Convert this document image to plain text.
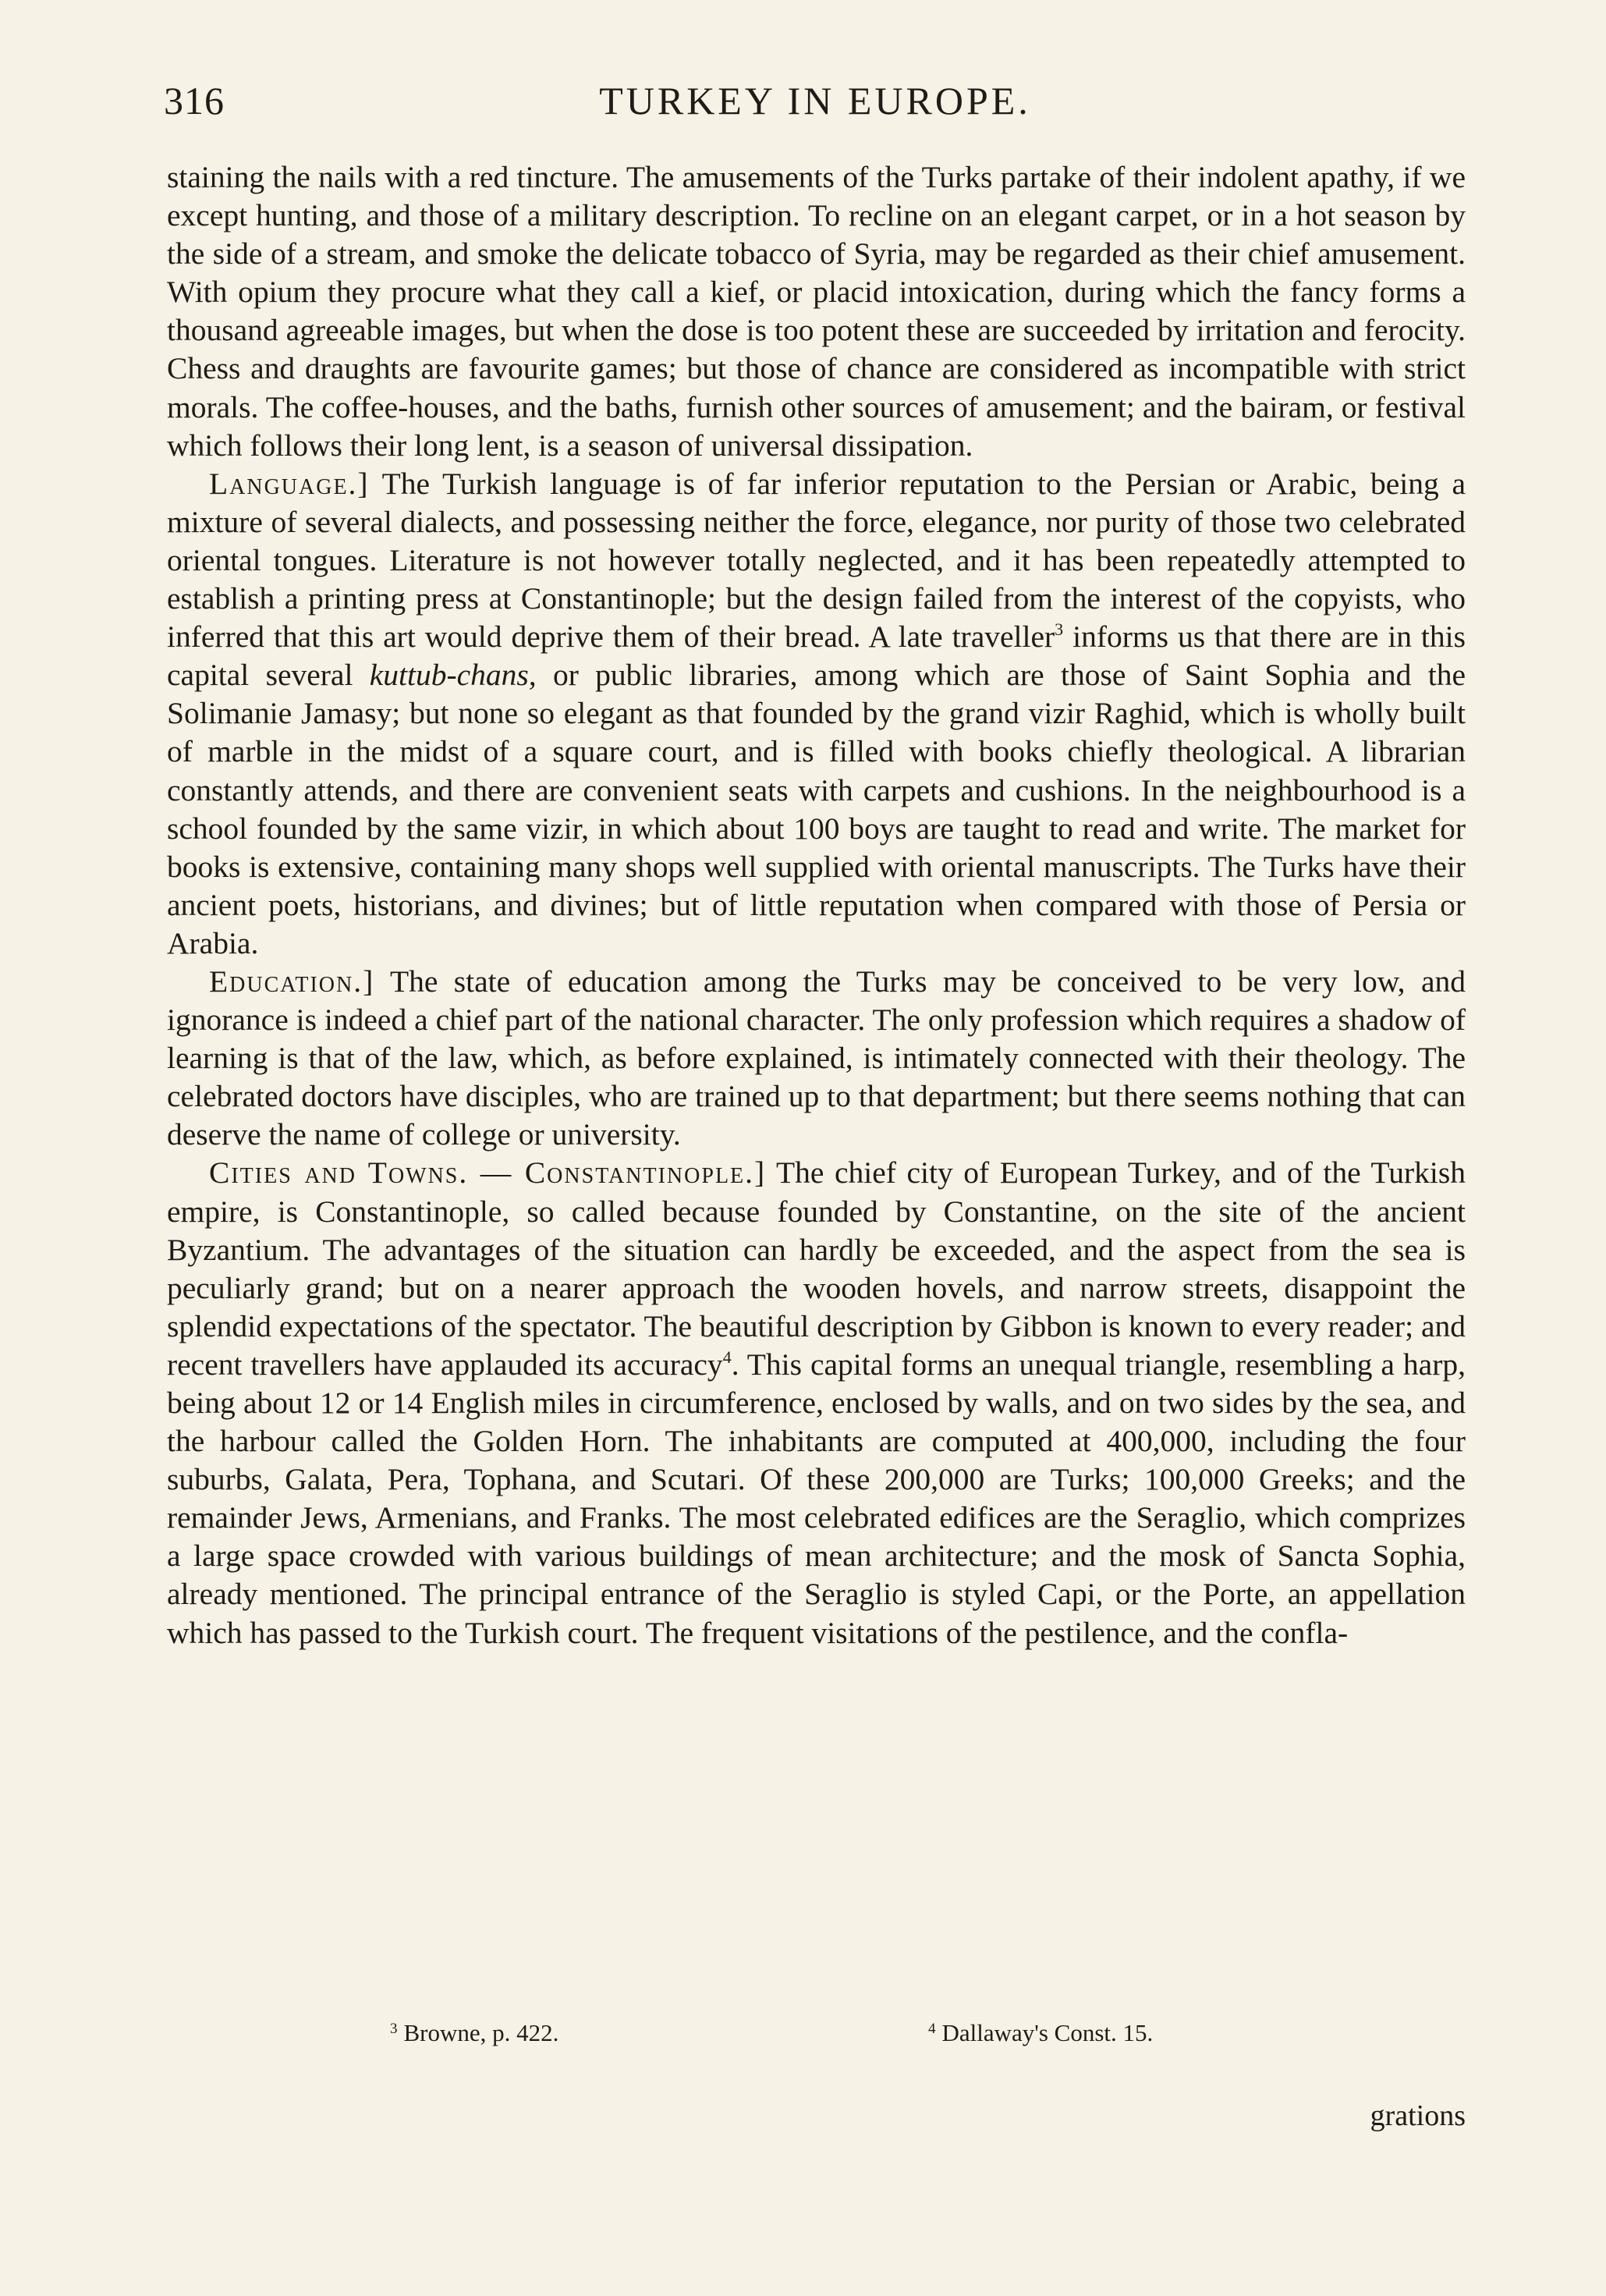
316	TURKEY IN EUROPE.

staining the nails with a red tincture. The amusements of the Turks partake of their indolent apathy, if we except hunting, and those of a military description. To recline on an elegant carpet, or in a hot season by the side of a stream, and smoke the delicate tobacco of Syria, may be regarded as their chief amusement. With opium they procure what they call a kief, or placid intoxication, during which the fancy forms a thousand agreeable images, but when the dose is too potent these are succeeded by irritation and ferocity. Chess and draughts are favourite games; but those of chance are considered as incompatible with strict morals. The coffee-houses, and the baths, furnish other sources of amusement; and the bairam, or festival which follows their long lent, is a season of universal dissipation.

Language.] The Turkish language is of far inferior reputation to the Persian or Arabic, being a mixture of several dialects, and possessing neither the force, elegance, nor purity of those two celebrated oriental tongues. Literature is not however totally neglected, and it has been repeatedly attempted to establish a printing press at Constantinople; but the design failed from the interest of the copyists, who inferred that this art would deprive them of their bread. A late traveller$^3$ informs us that there are in this capital several kuttub-chans, or public libraries, among which are those of Saint Sophia and the Solimanie Jamasy; but none so elegant as that founded by the grand vizir Raghid, which is wholly built of marble in the midst of a square court, and is filled with books chiefly theological. A librarian constantly attends, and there are convenient seats with carpets and cushions. In the neighbourhood is a school founded by the same vizir, in which about 100 boys are taught to read and write. The market for books is extensive, containing many shops well supplied with oriental manuscripts. The Turks have their ancient poets, historians, and divines; but of little reputation when compared with those of Persia or Arabia.

Education.] The state of education among the Turks may be conceived to be very low, and ignorance is indeed a chief part of the national character. The only profession which requires a shadow of learning is that of the law, which, as before explained, is intimately connected with their theology. The celebrated doctors have disciples, who are trained up to that department; but there seems nothing that can deserve the name of college or university.

Cities and Towns. — Constantinople.] The chief city of European Turkey, and of the Turkish empire, is Constantinople, so called because founded by Constantine, on the site of the ancient Byzantium. The advantages of the situation can hardly be exceeded, and the aspect from the sea is peculiarly grand; but on a nearer approach the wooden hovels, and narrow streets, disappoint the splendid expectations of the spectator. The beautiful description by Gibbon is known to every reader; and recent travellers have applauded its accuracy$^4$. This capital forms an unequal triangle, resembling a harp, being about 12 or 14 English miles in circumference, enclosed by walls, and on two sides by the sea, and the harbour called the Golden Horn. The inhabitants are computed at 400,000, including the four suburbs, Galata, Pera, Tophana, and Scutari. Of these 200,000 are Turks; 100,000 Greeks; and the remainder Jews, Armenians, and Franks. The most celebrated edifices are the Seraglio, which comprizes a large space crowded with various buildings of mean architecture; and the mosk of Sancta Sophia, already mentioned. The principal entrance of the Seraglio is styled Capi, or the Porte, an appellation which has passed to the Turkish court. The frequent visitations of the pestilence, and the confla-

$^3$ Browne, p. 422.	$^4$ Dallaway's Const. 15.
grations
